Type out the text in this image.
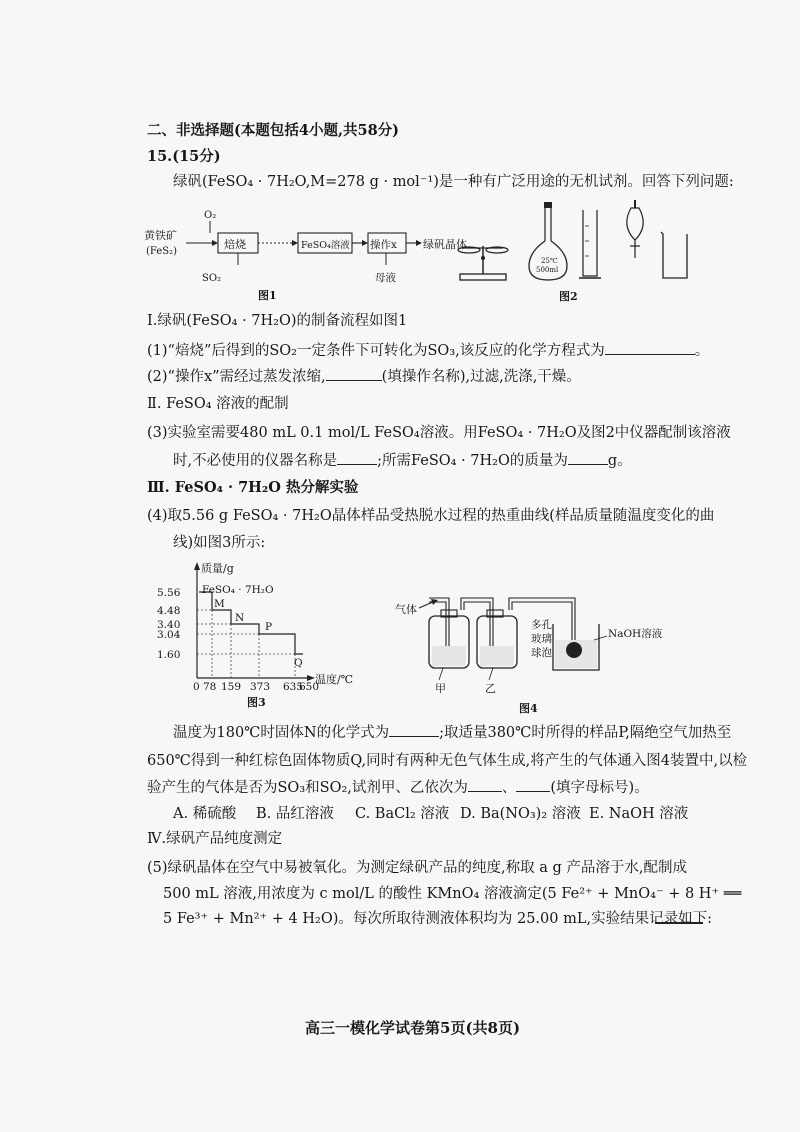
二、非选择题(本题包括4小题,共58分)
15.(15分)
绿矾(FeSO₄ · 7H₂O,M=278 g · mol⁻¹)是一种有广泛用途的无机试剂。回答下列问题:
黄铁矿
(FeS₂)
O₂
焙烧
SO₂
FeSO₄溶液 操作x
母液
图1
绿矾晶体
25℃
500ml
图2
Ⅰ.绿矾(FeSO₄ · 7H₂O)的制备流程如图1
(1)“焙烧”后得到的SO₂一定条件下可转化为SO₃,该反应的化学方程式为	。
(2)“操作x”需经过蒸发浓缩,	(填操作名称),过滤,洗涤,干燥。
Ⅱ. FeSO₄ 溶液的配制
(3)实验室需要480 mL 0.1 mol/L FeSO₄溶液。用FeSO₄ · 7H₂O及图2中仪器配制该溶液
时,不必使用的仪器名称是	;所需FeSO₄ · 7H₂O的质量为	g。
Ⅲ. FeSO₄ · 7H₂O 热分解实验
(4)取5.56 g FeSO₄ · 7H₂O晶体样品受热脱水过程的热重曲线(样品质量随温度变化的曲
线)如图3所示:
质量/g
温度/℃
FeSO₄ · 7H₂O
5.56
4.48
3.40
3.04
1.60
0 78 159 373 635
650
M
N
P
Q
图3
气体
多孔
玻璃
球泡
NaOH溶液
甲	乙
图4
温度为180℃时固体N的化学式为	;取适量380℃时所得的样品P,隔绝空气加热至
650℃得到一种红棕色固体物质Q,同时有两种无色气体生成,将产生的气体通入图4装置中,以检
验产生的气体是否为SO₃和SO₂,试剂甲、乙依次为 、 (填字母标号)。
A. 稀硫酸 B. 品红溶液 C. BaCl₂ 溶液 D. Ba(NO₃)₂ 溶液 E. NaOH 溶液
Ⅳ.绿矾产品纯度测定
(5)绿矾晶体在空气中易被氧化。为测定绿矾产品的纯度,称取 a g 产品溶于水,配制成
500 mL 溶液,用浓度为 c mol/L 的酸性 KMnO₄ 溶液滴定(5 Fe²⁺ + MnO₄⁻ + 8 H⁺ ══
5 Fe³⁺ + Mn²⁺ + 4 H₂O)。每次所取待测液体积均为 25.00 mL,实验结果记录如下:
高三一模化学试卷第5页(共8页)
